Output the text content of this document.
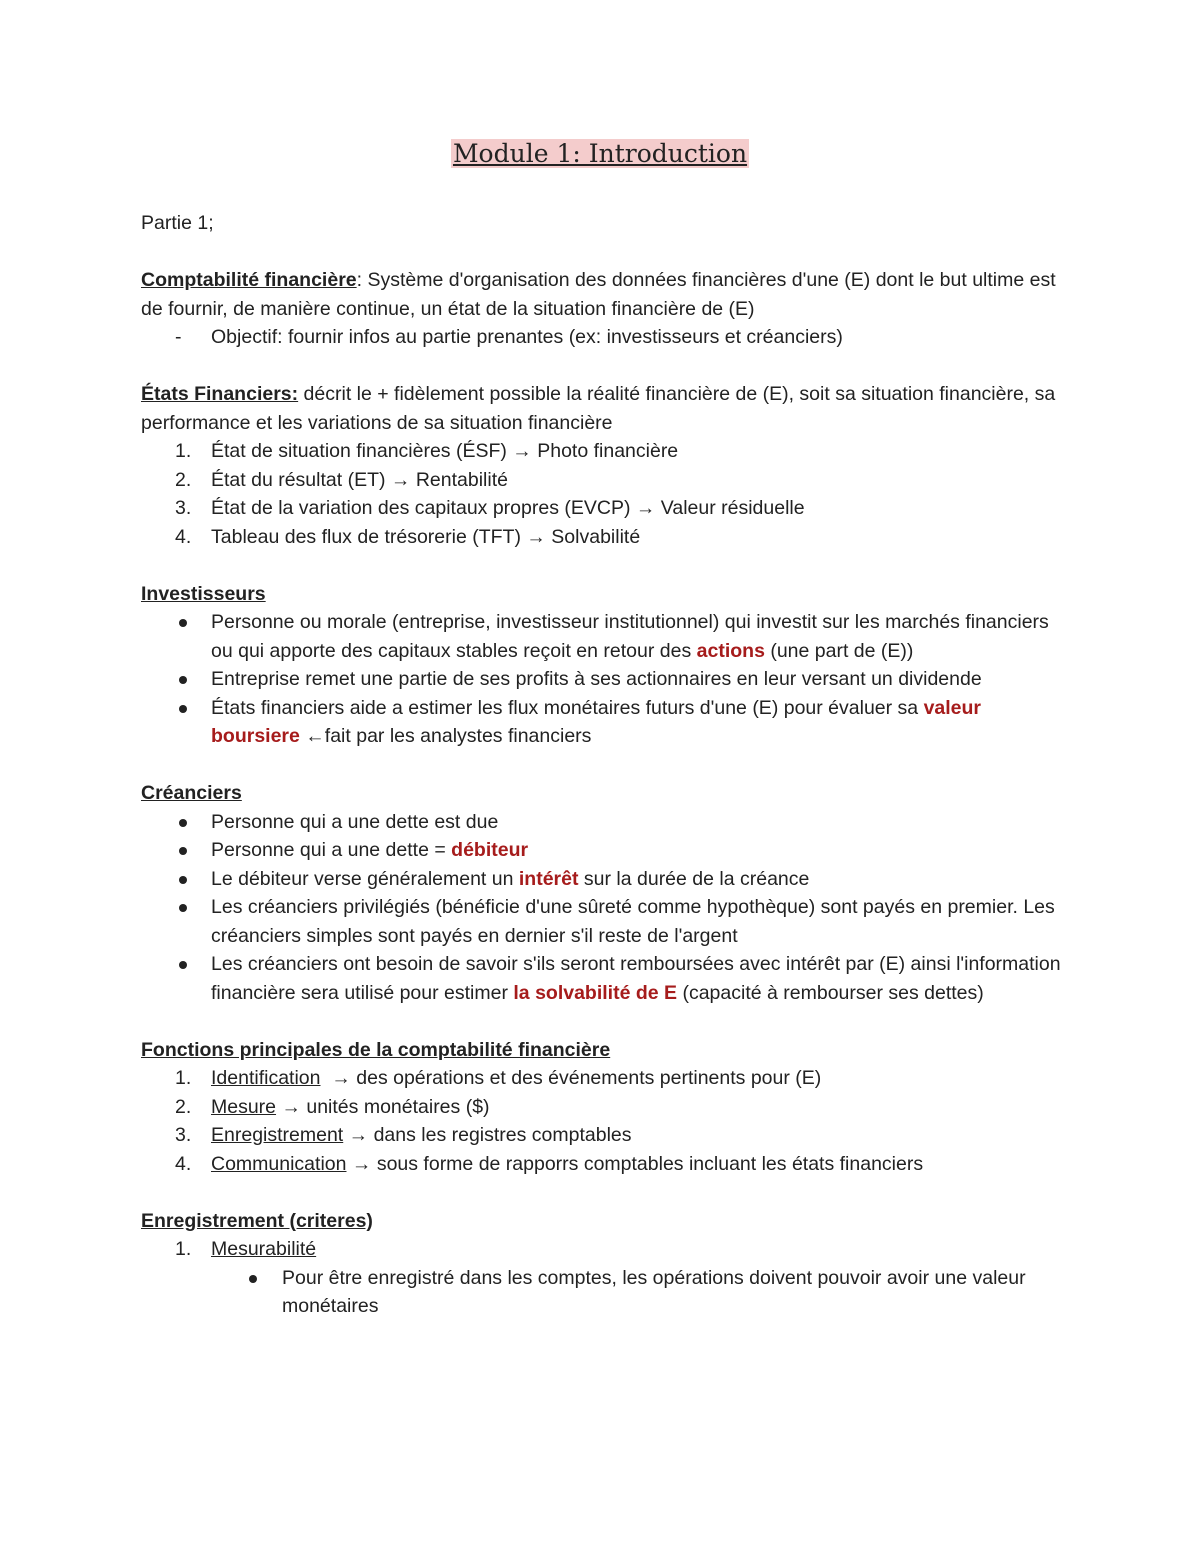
Module 1: Introduction

Partie 1;

Comptabilité financière: Système d'organisation des données financières d'une (E) dont le but ultime est de fournir, de manière continue, un état de la situation financière de (E)

- Objectif: fournir infos au partie prenantes (ex: investisseurs et créanciers)

États Financiers: décrit le + fidèlement possible la réalité financière de (E), soit sa situation financière, sa performance et les variations de sa situation financière

1. État de situation financières (ÉSF) → Photo financière
2. État du résultat (ET) → Rentabilité
3. État de la variation des capitaux propres (EVCP) → Valeur résiduelle
4. Tableau des flux de trésorerie (TFT) → Solvabilité

Investisseurs

Personne ou morale (entreprise, investisseur institutionnel) qui investit sur les marchés financiers ou qui apporte des capitaux stables reçoit en retour des actions (une part de (E))
Entreprise remet une partie de ses profits à ses actionnaires en leur versant un dividende
États financiers aide a estimer les flux monétaires futurs d'une (E) pour évaluer sa valeur boursiere ←fait par les analystes financiers

Créanciers

Personne qui a une dette est due
Personne qui a une dette = débiteur
Le débiteur verse généralement un intérêt sur la durée de la créance
Les créanciers privilégiés (bénéficie d'une sûreté comme hypothèque) sont payés en premier. Les créanciers simples sont payés en dernier s'il reste de l'argent
Les créanciers ont besoin de savoir s'ils seront remboursées avec intérêt par (E) ainsi l'information financière sera utilisé pour estimer la solvabilité de E (capacité à rembourser ses dettes)

Fonctions principales de la comptabilité financière

1. Identification  → des opérations et des événements pertinents pour (E)
2. Mesure → unités monétaires ($)
3. Enregistrement → dans les registres comptables
4. Communication → sous forme de rapporrs comptables incluant les états financiers

Enregistrement (criteres)

1. Mesurabilité
Pour être enregistré dans les comptes, les opérations doivent pouvoir avoir une valeur monétaires
